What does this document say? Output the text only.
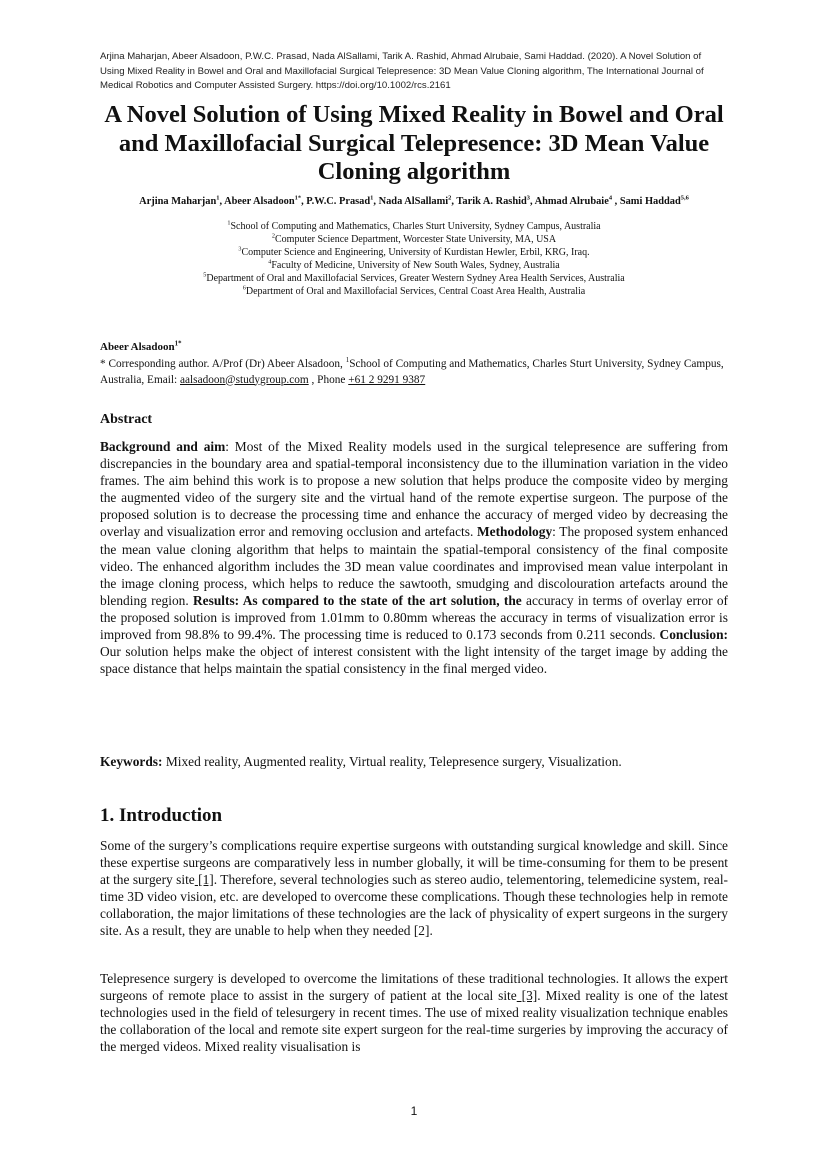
Arjina Maharjan, Abeer Alsadoon, P.W.C. Prasad, Nada AlSallami, Tarik A. Rashid, Ahmad Alrubaie, Sami Haddad. (2020). A Novel Solution of Using Mixed Reality in Bowel and Oral and Maxillofacial Surgical Telepresence: 3D Mean Value Cloning algorithm, The International Journal of Medical Robotics and Computer Assisted Surgery. https://doi.org/10.1002/rcs.2161
A Novel Solution of Using Mixed Reality in Bowel and Oral and Maxillofacial Surgical Telepresence: 3D Mean Value Cloning algorithm
Arjina Maharjan$^1$, Abeer Alsadoon$^{1*}$, P.W.C. Prasad$^1$, Nada AlSallami$^2$, Tarik A. Rashid$^3$, Ahmad Alrubaie$^4$ , Sami Haddad$^{5,6}$
$^1$School of Computing and Mathematics, Charles Sturt University, Sydney Campus, Australia
$^2$Computer Science Department, Worcester State University, MA, USA
$^3$Computer Science and Engineering, University of Kurdistan Hewler, Erbil, KRG, Iraq.
$^4$Faculty of Medicine, University of New South Wales, Sydney, Australia
$^5$Department of Oral and Maxillofacial Services, Greater Western Sydney Area Health Services, Australia
$^6$Department of Oral and Maxillofacial Services, Central Coast Area Health, Australia
Abeer Alsadoon$^{1*}$
* Corresponding author. A/Prof (Dr) Abeer Alsadoon, $^1$School of Computing and Mathematics, Charles Sturt University, Sydney Campus, Australia, Email: aalsadoon@studygroup.com , Phone +61 2 9291 9387
Abstract
Background and aim: Most of the Mixed Reality models used in the surgical telepresence are suffering from discrepancies in the boundary area and spatial-temporal inconsistency due to the illumination variation in the video frames. The aim behind this work is to propose a new solution that helps produce the composite video by merging the augmented video of the surgery site and the virtual hand of the remote expertise surgeon. The purpose of the proposed solution is to decrease the processing time and enhance the accuracy of merged video by decreasing the overlay and visualization error and removing occlusion and artefacts. Methodology: The proposed system enhanced the mean value cloning algorithm that helps to maintain the spatial-temporal consistency of the final composite video. The enhanced algorithm includes the 3D mean value coordinates and improvised mean value interpolant in the image cloning process, which helps to reduce the sawtooth, smudging and discolouration artefacts around the blending region. Results: As compared to the state of the art solution, the accuracy in terms of overlay error of the proposed solution is improved from 1.01mm to 0.80mm whereas the accuracy in terms of visualization error is improved from 98.8% to 99.4%. The processing time is reduced to 0.173 seconds from 0.211 seconds. Conclusion: Our solution helps make the object of interest consistent with the light intensity of the target image by adding the space distance that helps maintain the spatial consistency in the final merged video.
Keywords: Mixed reality, Augmented reality, Virtual reality, Telepresence surgery, Visualization.
1. Introduction
Some of the surgery’s complications require expertise surgeons with outstanding surgical knowledge and skill. Since these expertise surgeons are comparatively less in number globally, it will be time-consuming for them to be present at the surgery site [1]. Therefore, several technologies such as stereo audio, telementoring, telemedicine system, real-time 3D video vision, etc. are developed to overcome these complications. Though these technologies help in remote collaboration, the major limitations of these technologies are the lack of physicality of expert surgeons in the surgery site. As a result, they are unable to help when they needed [2].
Telepresence surgery is developed to overcome the limitations of these traditional technologies. It allows the expert surgeons of remote place to assist in the surgery of patient at the local site [3]. Mixed reality is one of the latest technologies used in the field of telesurgery in recent times. The use of mixed reality visualization technique enables the collaboration of the local and remote site expert surgeon for the real-time surgeries by improving the accuracy of the merged videos. Mixed reality visualisation is
1
